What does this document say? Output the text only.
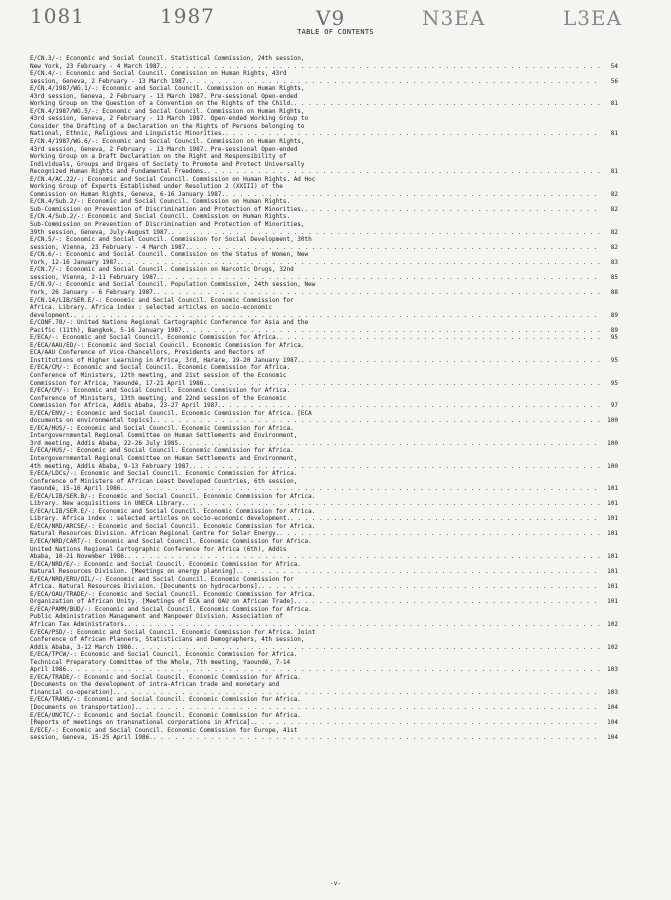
1081	1987	V9	N3EA	L3EA
TABLE OF CONTENTS
E/CN.3/-: Economic and Social Council. Statistical Commission, 24th session,
New York, 23 February - 4 March 1987. . . .	54
E/CN.4/-: Economic and Social Council. Commission on Human Rights, 43rd
session, Geneva, 2 February - 13 March 1987. . . .	56
E/CN.4/1987/WG.1/-: Economic and Social Council. Commission on Human Rights,
43rd session, Geneva, 2 February - 13 March 1987. Pre-sessional Open-ended
Working Group on the Question of a Convention on the Rights of the Child. . . .	81
E/CN.4/1987/WG.5/-: Economic and Social Council. Commission on Human Rights,
43rd session, Geneva, 2 February - 13 March 1987. Open-ended Working Group to
Consider the Drafting of a Declaration on the Rights of Persons belonging to
National, Ethnic, Religious and Linguistic Minorities. . . .	81
E/CN.4/1987/WG.6/-: Economic and Social Council. Commission on Human Rights,
43rd session, Geneva, 2 February - 13 March 1987. Pre-sessional Open-ended
Working Group on a Draft Declaration on the Right and Responsibility of
Individuals, Groups and Organs of Society to Promote and Protect Universally
Recognized Human Rights and Fundamental Freedoms. . . .	81
E/CN.4/AC.22/-: Economic and Social Council. Commission on Human Rights. Ad Hoc
Working Group of Experts Established under Resolution 2 (XXIII) of the
Commission on Human Rights, Geneva, 6-16 January 1987. . . .	82
E/CN.4/Sub.2/-: Economic and Social Council. Commission on Human Rights.
Sub-Commission on Prevention of Discrimination and Protection of Minorities. . . .	82
E/CN.4/Sub.2/-: Economic and Social Council. Commission on Human Rights.
Sub-Commission on Prevention of Discrimination and Protection of Minorities,
39th session, Geneva, July-August 1987. . . .	82
E/CN.5/-: Economic and Social Council. Commission for Social Development, 30th
session, Vienna, 23 February - 4 March 1987. . . .	82
E/CN.6/-: Economic and Social Council. Commission on the Status of Women, New
York, 12-16 January 1987. . . .	83
E/CN.7/-: Economic and Social Council. Commission on Narcotic Drugs, 32nd
session, Vienna, 2-11 February 1987. . . .	85
E/CN.9/-: Economic and Social Council. Population Commission, 24th session, New
York, 26 January - 6 February 1987. . . .	88
E/CN.14/LIB/SER.E/-: Economic and Social Council. Economic Commission for
Africa. Library. Africa index : selected articles on socio-economic
development. . . .	89
E/CONF.78/-: United Nations Regional Cartographic Conference for Asia and the
Pacific (11th), Bangkok, 5-16 January 1987. . . .	89
E/ECA/-: Economic and Social Council. Economic Commission for Africa. . . .	95
E/ECA/AAU/ED/-: Economic and Social Council. Economic Commission for Africa.
ECA/AAU Conference of Vice-Chancellors, Presidents and Rectors of
Institutions of Higher Learning in Africa, 3rd, Harare, 19-20 January 1987. . . .	95
E/ECA/CM/-: Economic and Social Council. Economic Commission for Africa.
Conference of Ministers, 12th meeting, and 21st session of the Economic
Commission for Africa, Yaoundé, 17-21 April 1986. . . .	95
E/ECA/CM/-: Economic and Social Council. Economic Commission for Africa.
Conference of Ministers, 13th meeting, and 22nd session of the Economic
Commission for Africa, Addis Ababa, 23-27 April 1987. . . .	97
E/ECA/ENV/-: Economic and Social Council. Economic Commission for Africa. [ECA
documents on environmental topics]. . . .	100
E/ECA/HUS/-: Economic and Social Council. Economic Commission for Africa.
Intergovernmental Regional Committee on Human Settlements and Environment,
3rd meeting, Addis Ababa, 22-26 July 1985. . . .	100
E/ECA/HUS/-: Economic and Social Council. Economic Commission for Africa.
Intergovernmental Regional Committee on Human Settlements and Environment,
4th meeting, Addis Ababa, 9-13 February 1987. . . .	100
E/ECA/LDCs/-: Economic and Social Council. Economic Commission for Africa.
Conference of Ministers of African Least Developed Countries, 6th session,
Yaoundé, 15-16 April 1986. . . .	101
E/ECA/LIB/SER.B/-: Economic and Social Council. Economic Commission for Africa.
Library. New acquisitions in UNECA Library. . . .	101
E/ECA/LIB/SER.E/-: Economic and Social Council. Economic Commission for Africa.
Library. Africa index : selected articles on socio-economic development. . . .	101
E/ECA/NRD/ARCSE/-: Economic and Social Council. Economic Commission for Africa.
Natural Resources Division. African Regional Centre for Solar Energy. . . .	101
E/ECA/NRD/CART/-: Economic and Social Council. Economic Commission for Africa.
United Nations Regional Cartographic Conference for Africa (6th), Addis
Ababa, 10-21 November 1986. . . .	101
E/ECA/NRD/E/-: Economic and Social Council. Economic Commission for Africa.
Natural Resources Division. [Meetings on energy planning]. . . .	101
E/ECA/NRD/ERU/OIL/-: Economic and Social Council. Economic Commission for
Africa. Natural Resources Division. [Documents on hydrocarbons]. . . .	101
E/ECA/OAU/TRADE/-: Economic and Social Council. Economic Commission for Africa.
Organization of African Unity. [Meetings of ECA and OAU on African Trade]. . . .	101
E/ECA/PAMM/BUD/-: Economic and Social Council. Economic Commission for Africa.
Public Administration Management and Manpower Division. Association of
African Tax Administrators. . . .	102
E/ECA/PSD/-: Economic and Social Council. Economic Commission for Africa. Joint
Conference of African Planners, Statisticians and Demographers, 4th session,
Addis Ababa, 3-12 March 1986. . . .	102
E/ECA/TPCW/-: Economic and Social Council. Economic Commission for Africa.
Technical Preparatory Committee of the Whole, 7th meeting, Yaoundé, 7-14
April 1986. . . .	103
E/ECA/TRADE/-: Economic and Social Council. Economic Commission for Africa.
[Documents on the development of intra-African trade and monetary and
financial co-operation]. . . .	103
E/ECA/TRANS/-: Economic and Social Council. Economic Commission for Africa.
[Documents on transportation]. . . .	104
E/ECA/UNCTC/-: Economic and Social Council. Economic Commission for Africa.
[Reports of meetings on transnational corporations in Africa]. . . .	104
E/ECE/-: Economic and Social Council. Economic Commission for Europe, 41st
session, Geneva, 15-25 April 1986. . . .	104
-v-
